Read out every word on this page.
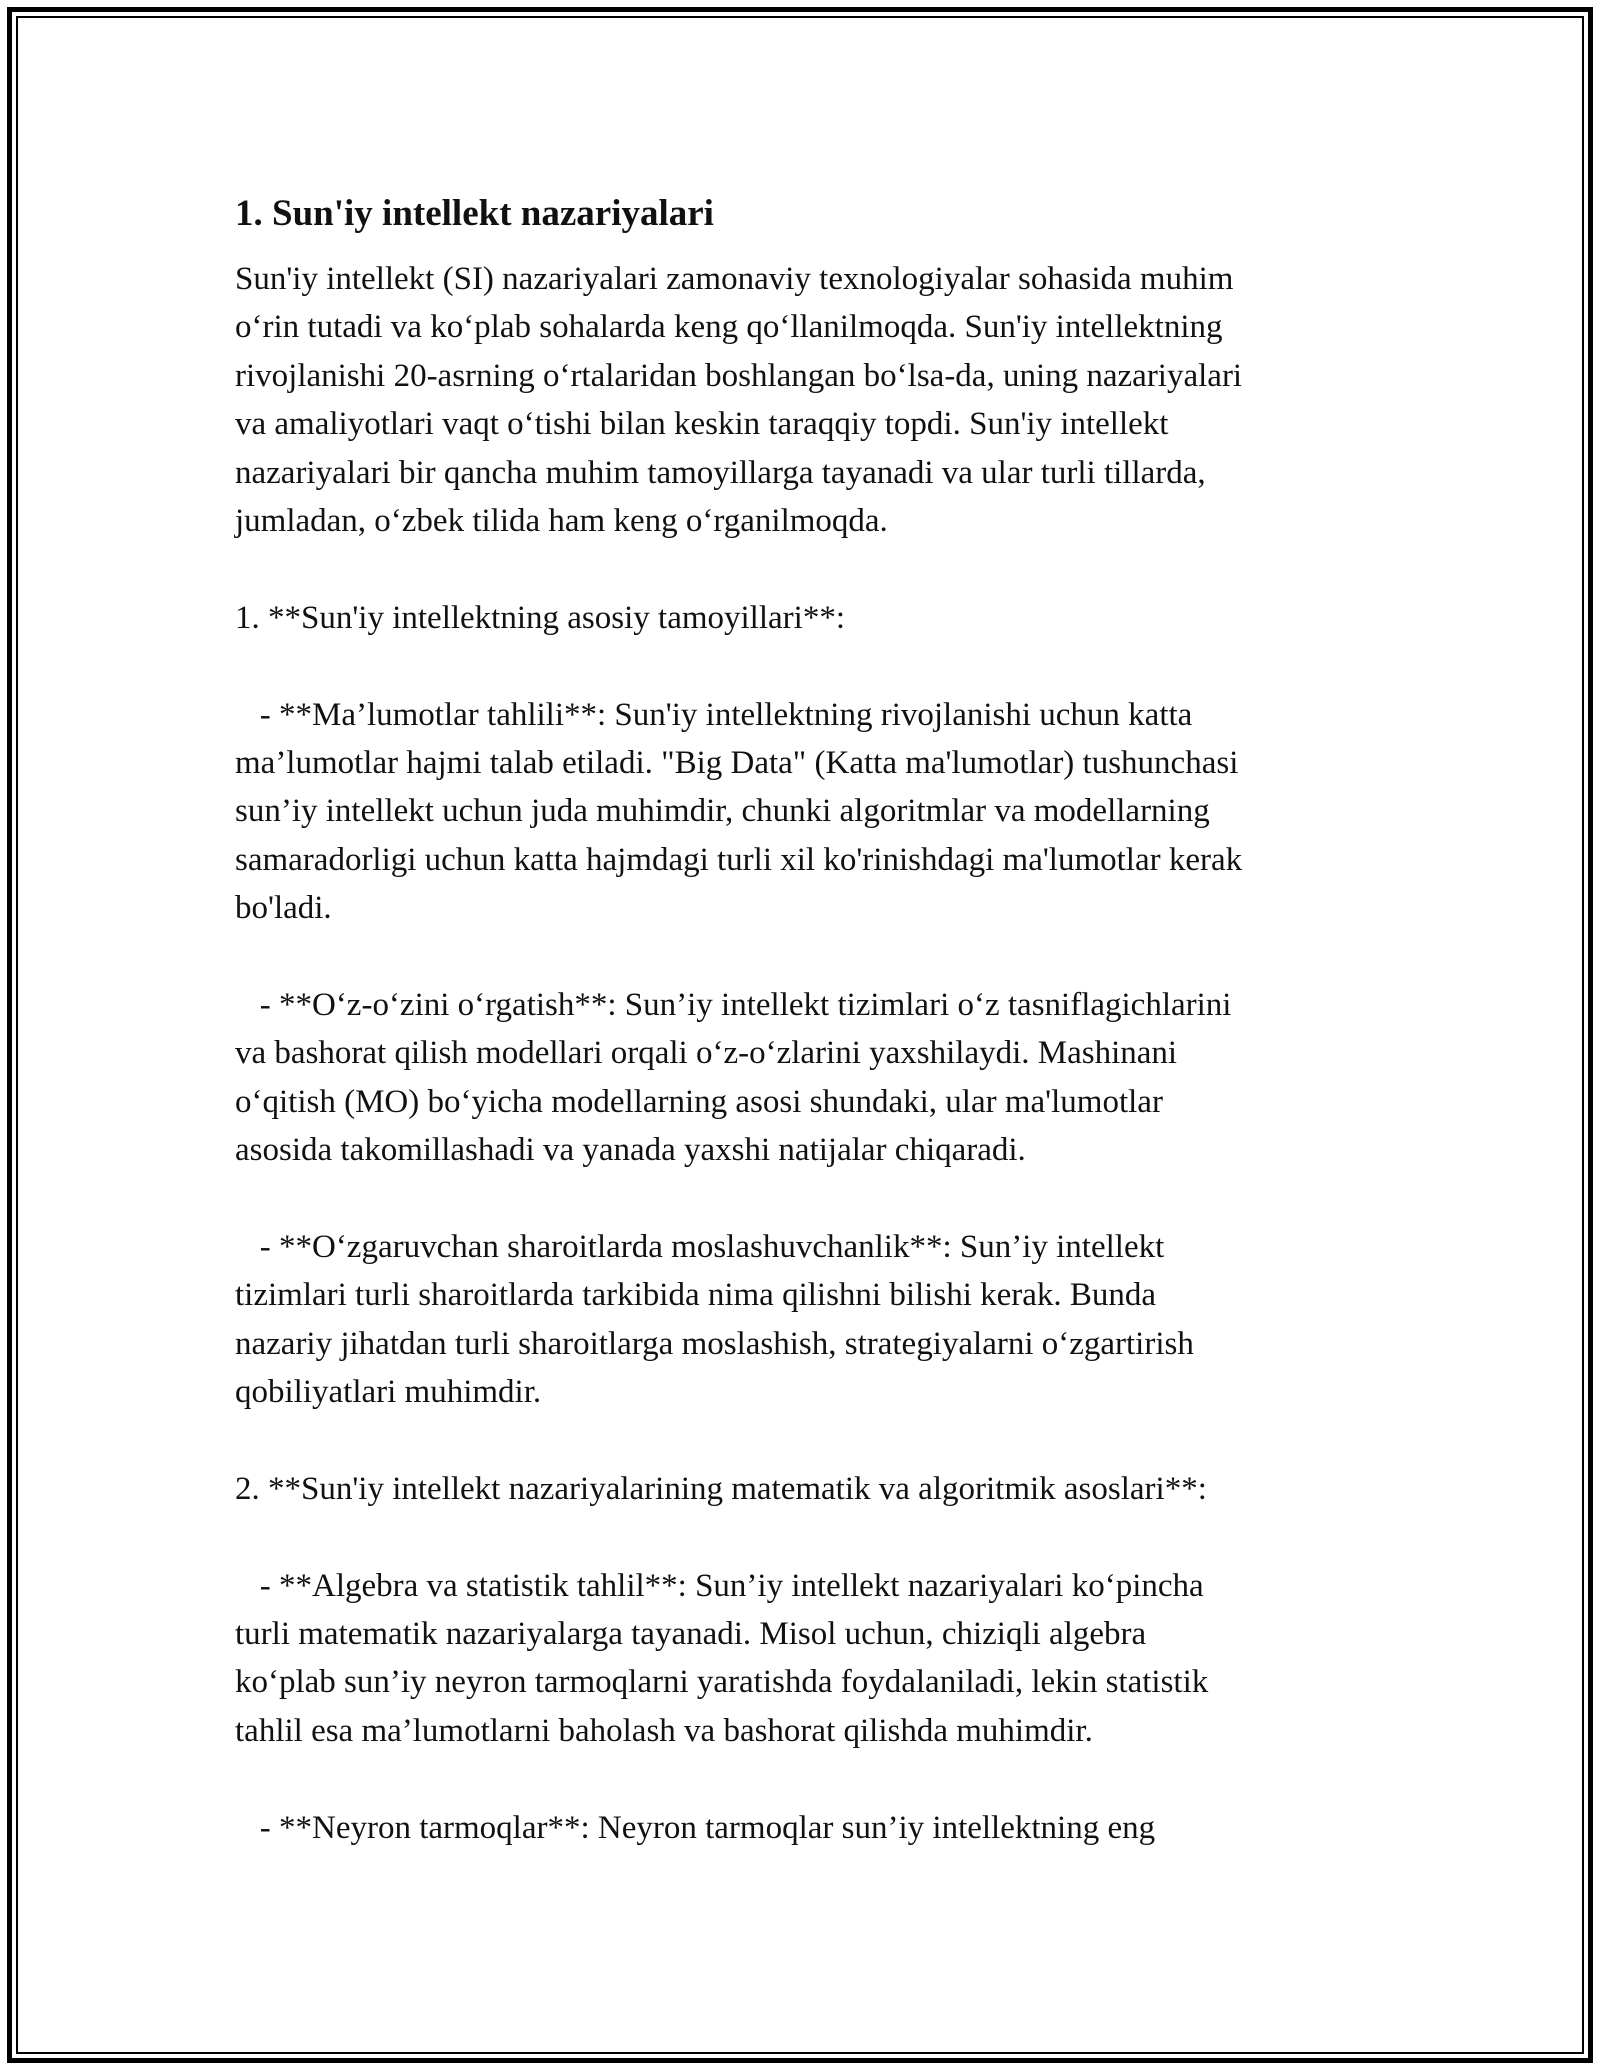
1. Sun'iy intellekt nazariyalari
Sun'iy intellekt (SI) nazariyalari zamonaviy texnologiyalar sohasida muhim
oʻrin tutadi va koʻplab sohalarda keng qoʻllanilmoqda. Sun'iy intellektning
rivojlanishi 20-asrning oʻrtalaridan boshlangan boʻlsa-da, uning nazariyalari
va amaliyotlari vaqt oʻtishi bilan keskin taraqqiy topdi. Sun'iy intellekt
nazariyalari bir qancha muhim tamoyillarga tayanadi va ular turli tillarda,
jumladan, oʻzbek tilida ham keng oʻrganilmoqda.
1. **Sun'iy intellektning asosiy tamoyillari**:
- **Ma’lumotlar tahlili**: Sun'iy intellektning rivojlanishi uchun katta
ma’lumotlar hajmi talab etiladi. "Big Data" (Katta ma'lumotlar) tushunchasi
sun’iy intellekt uchun juda muhimdir, chunki algoritmlar va modellarning
samaradorligi uchun katta hajmdagi turli xil ko'rinishdagi ma'lumotlar kerak
bo'ladi.
- **Oʻz-oʻzini oʻrgatish**: Sun’iy intellekt tizimlari oʻz tasniflagichlarini
va bashorat qilish modellari orqali oʻz-oʻzlarini yaxshilaydi. Mashinani
oʻqitish (MO) boʻyicha modellarning asosi shundaki, ular ma'lumotlar
asosida takomillashadi va yanada yaxshi natijalar chiqaradi.
- **Oʻzgaruvchan sharoitlarda moslashuvchanlik**: Sun’iy intellekt
tizimlari turli sharoitlarda tarkibida nima qilishni bilishi kerak. Bunda
nazariy jihatdan turli sharoitlarga moslashish, strategiyalarni oʻzgartirish
qobiliyatlari muhimdir.
2. **Sun'iy intellekt nazariyalarining matematik va algoritmik asoslari**:
- **Algebra va statistik tahlil**: Sun’iy intellekt nazariyalari koʻpincha
turli matematik nazariyalarga tayanadi. Misol uchun, chiziqli algebra
koʻplab sun’iy neyron tarmoqlarni yaratishda foydalaniladi, lekin statistik
tahlil esa ma’lumotlarni baholash va bashorat qilishda muhimdir.
- **Neyron tarmoqlar**: Neyron tarmoqlar sun’iy intellektning eng
